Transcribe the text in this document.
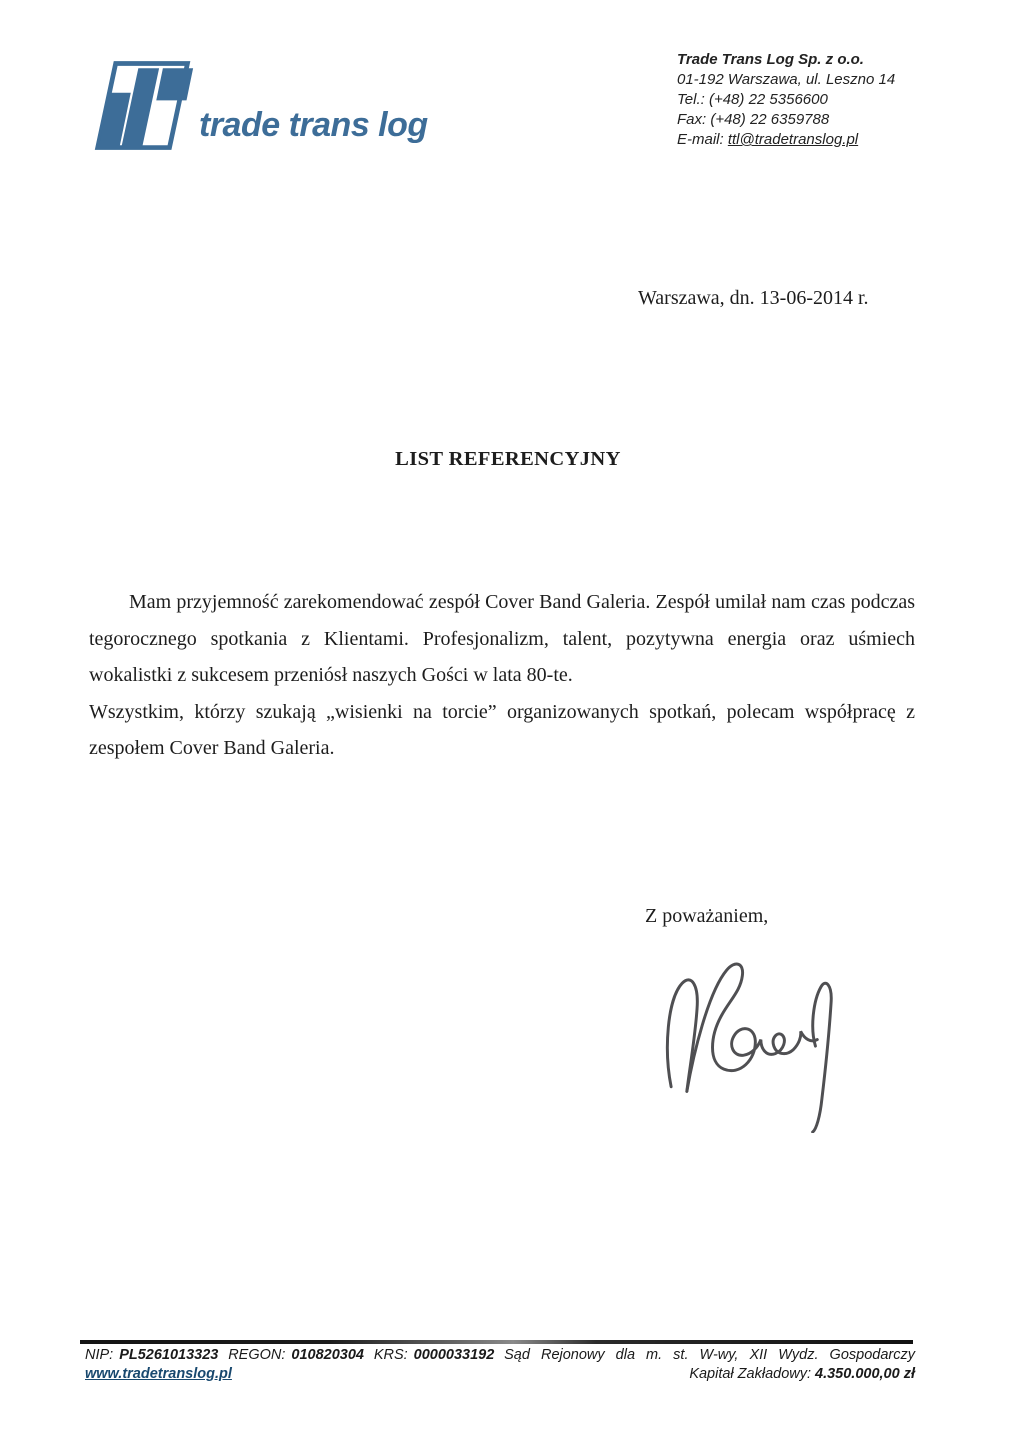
trade trans log
Trade Trans Log Sp. z o.o.
01-192 Warszawa, ul. Leszno 14
Tel.: (+48) 22 5356600
Fax: (+48) 22 6359788
E-mail: ttl@tradetranslog.pl
Warszawa, dn. 13-06-2014 r.
LIST REFERENCYJNY

Mam przyjemność zarekomendować zespół Cover Band Galeria. Zespół umilał nam czas podczas tegorocznego spotkania z Klientami. Profesjonalizm, talent, pozytywna energia oraz uśmiech wokalistki z sukcesem przeniósł naszych Gości w lata 80-te.

Wszystkim, którzy szukają „wisienki na torcie” organizowanych spotkań, polecam współpracę z zespołem Cover Band Galeria.

Z poważaniem,
NIP: PL5261013323 REGON: 010820304 KRS: 0000033192 Sąd Rejonowy dla m. st. W-wy, XII Wydz. Gospodarczy
www.tradetranslog.pl	Kapitał Zakładowy: 4.350.000,00 zł
